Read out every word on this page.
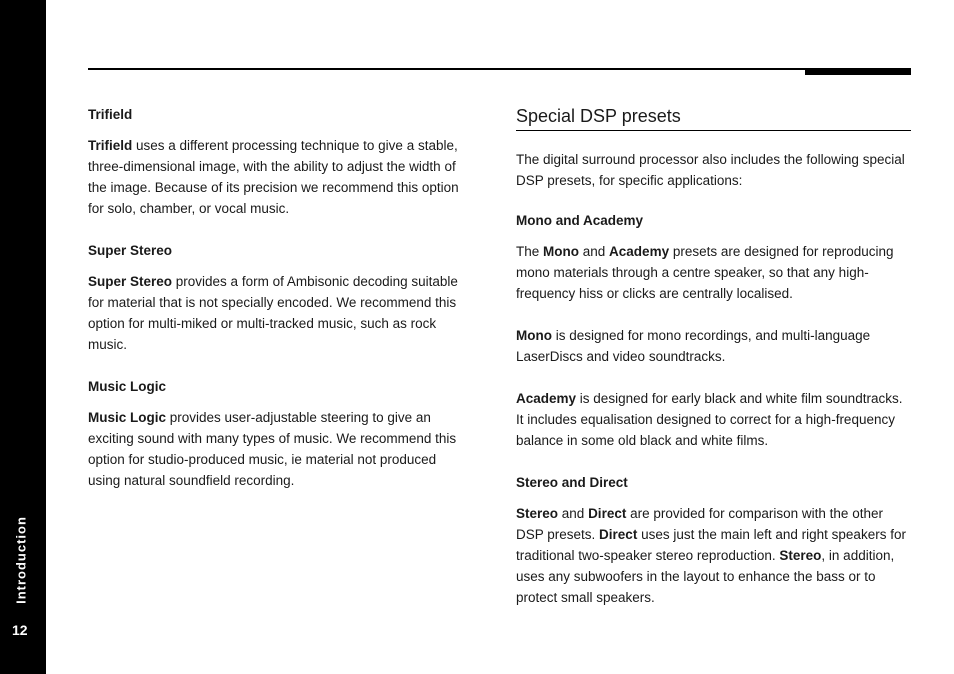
Introduction
12
Trifield

Trifield uses a different processing technique to give a stable, three-dimensional image, with the ability to adjust the width of the image. Because of its precision we recommend this option for solo, chamber, or vocal music.

Super Stereo

Super Stereo provides a form of Ambisonic decoding suitable for material that is not specially encoded. We recommend this option for multi-miked or multi-tracked music, such as rock music.

Music Logic

Music Logic provides user-adjustable steering to give an exciting sound with many types of music. We recommend this option for studio-produced music, ie material not produced using natural soundfield recording.

Special DSP presets

The digital surround processor also includes the following special DSP presets, for specific applications:

Mono and Academy

The Mono and Academy presets are designed for reproducing mono materials through a centre speaker, so that any high-frequency hiss or clicks are centrally localised.

Mono is designed for mono recordings, and multi-language LaserDiscs and video soundtracks.

Academy is designed for early black and white film soundtracks. It includes equalisation designed to correct for a high-frequency balance in some old black and white films.

Stereo and Direct

Stereo and Direct are provided for comparison with the other DSP presets. Direct uses just the main left and right speakers for traditional two-speaker stereo reproduction. Stereo, in addition, uses any subwoofers in the layout to enhance the bass or to protect small speakers.
